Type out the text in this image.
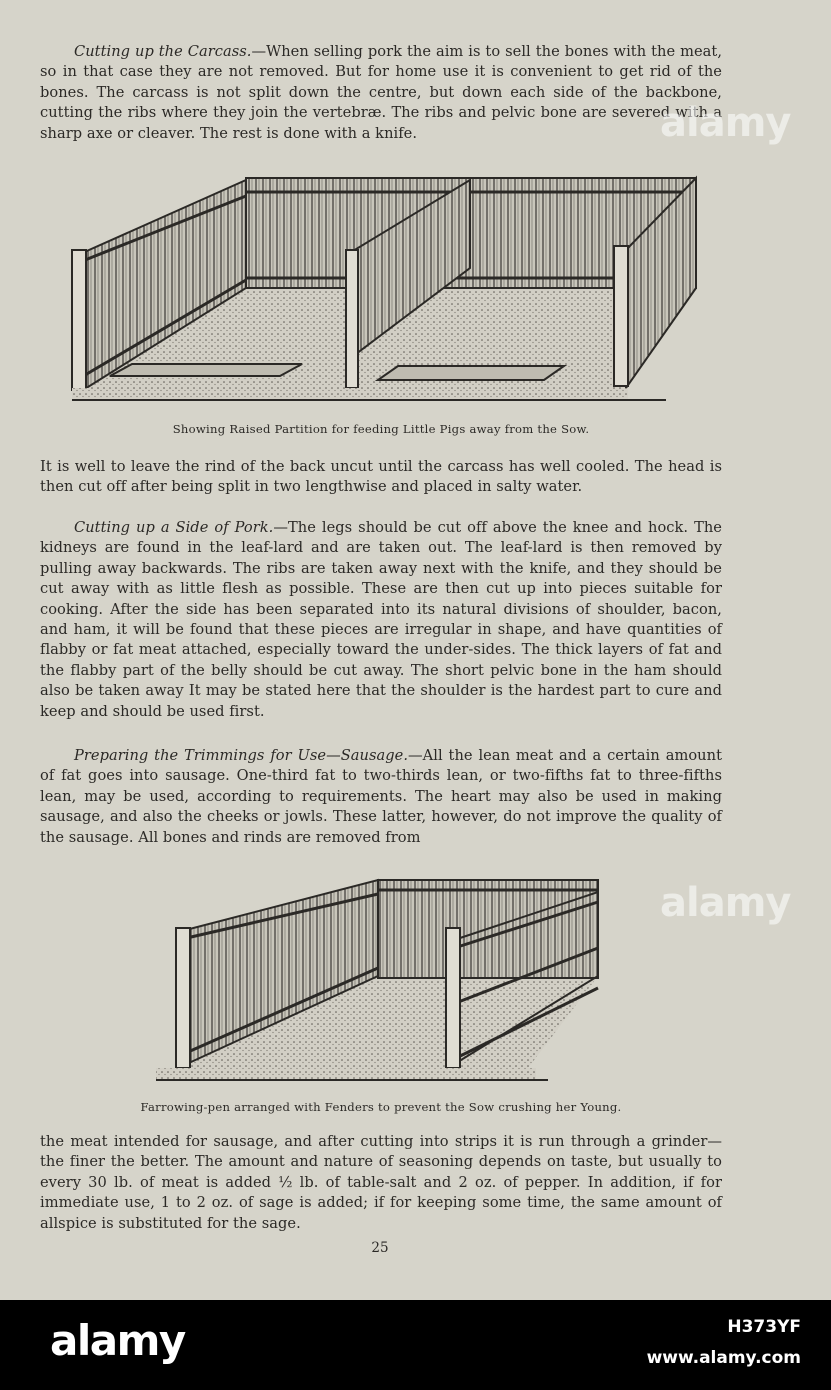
Cutting up the Carcass.—When selling pork the aim is to sell the bones with the meat, so in that case they are not removed. But for home use it is convenient to get rid of the bones. The carcass is not split down the centre, but down each side of the backbone, cutting the ribs where they join the vertebræ. The ribs and pelvic bone are severed with a sharp axe or cleaver. The rest is done with a knife.

Showing Raised Partition for feeding Little Pigs away from the Sow.

It is well to leave the rind of the back uncut until the carcass has well cooled. The head is then cut off after being split in two lengthwise and placed in salty water.

Cutting up a Side of Pork.—The legs should be cut off above the knee and hock. The kidneys are found in the leaf-lard and are taken out. The leaf-lard is then removed by pulling away backwards. The ribs are taken away next with the knife, and they should be cut away with as little flesh as possible. These are then cut up into pieces suitable for cooking. After the side has been separated into its natural divisions of shoulder, bacon, and ham, it will be found that these pieces are irregular in shape, and have quantities of flabby or fat meat attached, especially toward the under-sides. The thick layers of fat and the flabby part of the belly should be cut away. The short pelvic bone in the ham should also be taken away It may be stated here that the shoulder is the hardest part to cure and keep and should be used first.

Preparing the Trimmings for Use—Sausage.—All the lean meat and a certain amount of fat goes into sausage. One-third fat to two-thirds lean, or two-fifths fat to three-fifths lean, may be used, according to requirements. The heart may also be used in making sausage, and also the cheeks or jowls. These latter, however, do not improve the quality of the sausage. All bones and rinds are removed from

Farrowing-pen arranged with Fenders to prevent the Sow crushing her Young.

the meat intended for sausage, and after cutting into strips it is run through a grinder—the finer the better. The amount and nature of seasoning depends on taste, but usually to every 30 lb. of meat is added ½ lb. of table-salt and 2 oz. of pepper. In addition, if for immediate use, 1 to 2 oz. of sage is added; if for keeping some time, the same amount of allspice is substituted for the sage.

25

alamy
alamy
alamy	H373YF
www.alamy.com
